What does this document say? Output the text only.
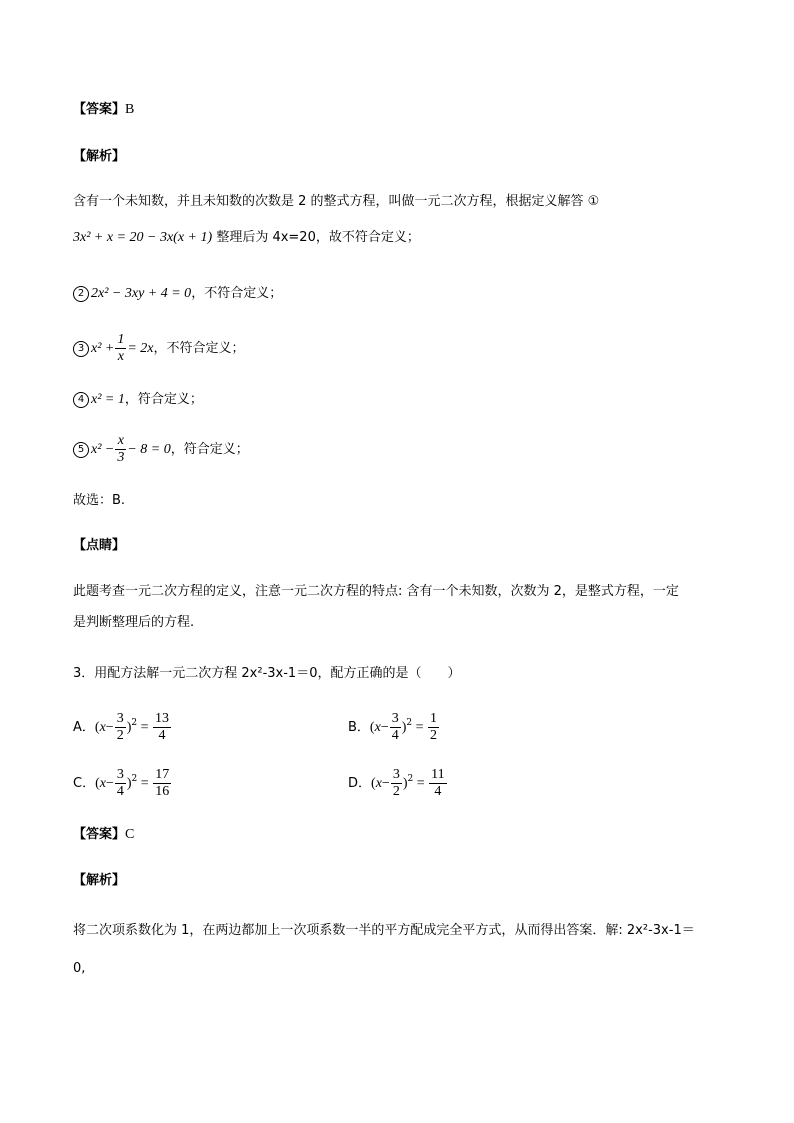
【答案】B
【解析】
含有一个未知数，并且未知数的次数是 2 的整式方程，叫做一元二次方程，根据定义解答 ①
3x² + x = 20 − 3x(x + 1) 整理后为 4x=20，故不符合定义；
2 2x² − 3xy + 4 = 0，不符合定义；
3 $x^2 + \frac{1}{x} = 2x$，不符合定义；
4 x² = 1，符合定义；
5 $x^2 - \frac{x}{3} - 8 = 0$，符合定义；
故选：B.
【点睛】
此题考查一元二次方程的定义，注意一元二次方程的特点: 含有一个未知数，次数为 2，是整式方程，一定
是判断整理后的方程.
3．用配方法解一元二次方程 2x²-3x-1＝0，配方正确的是（　　）
A．$(x- \frac{3}{2} )^2 = \frac{13}{4}$	B．$(x- \frac{3}{4} )^2 = \frac{1}{2}$
C．$(x- \frac{3}{4} )^2 = \frac{17}{16}$	D．$(x- \frac{3}{2} )^2 = \frac{11}{4}$
【答案】C
【解析】
将二次项系数化为 1，在两边都加上一次项系数一半的平方配成完全平方式，从而得出答案．解: 2x²-3x-1＝
0,
